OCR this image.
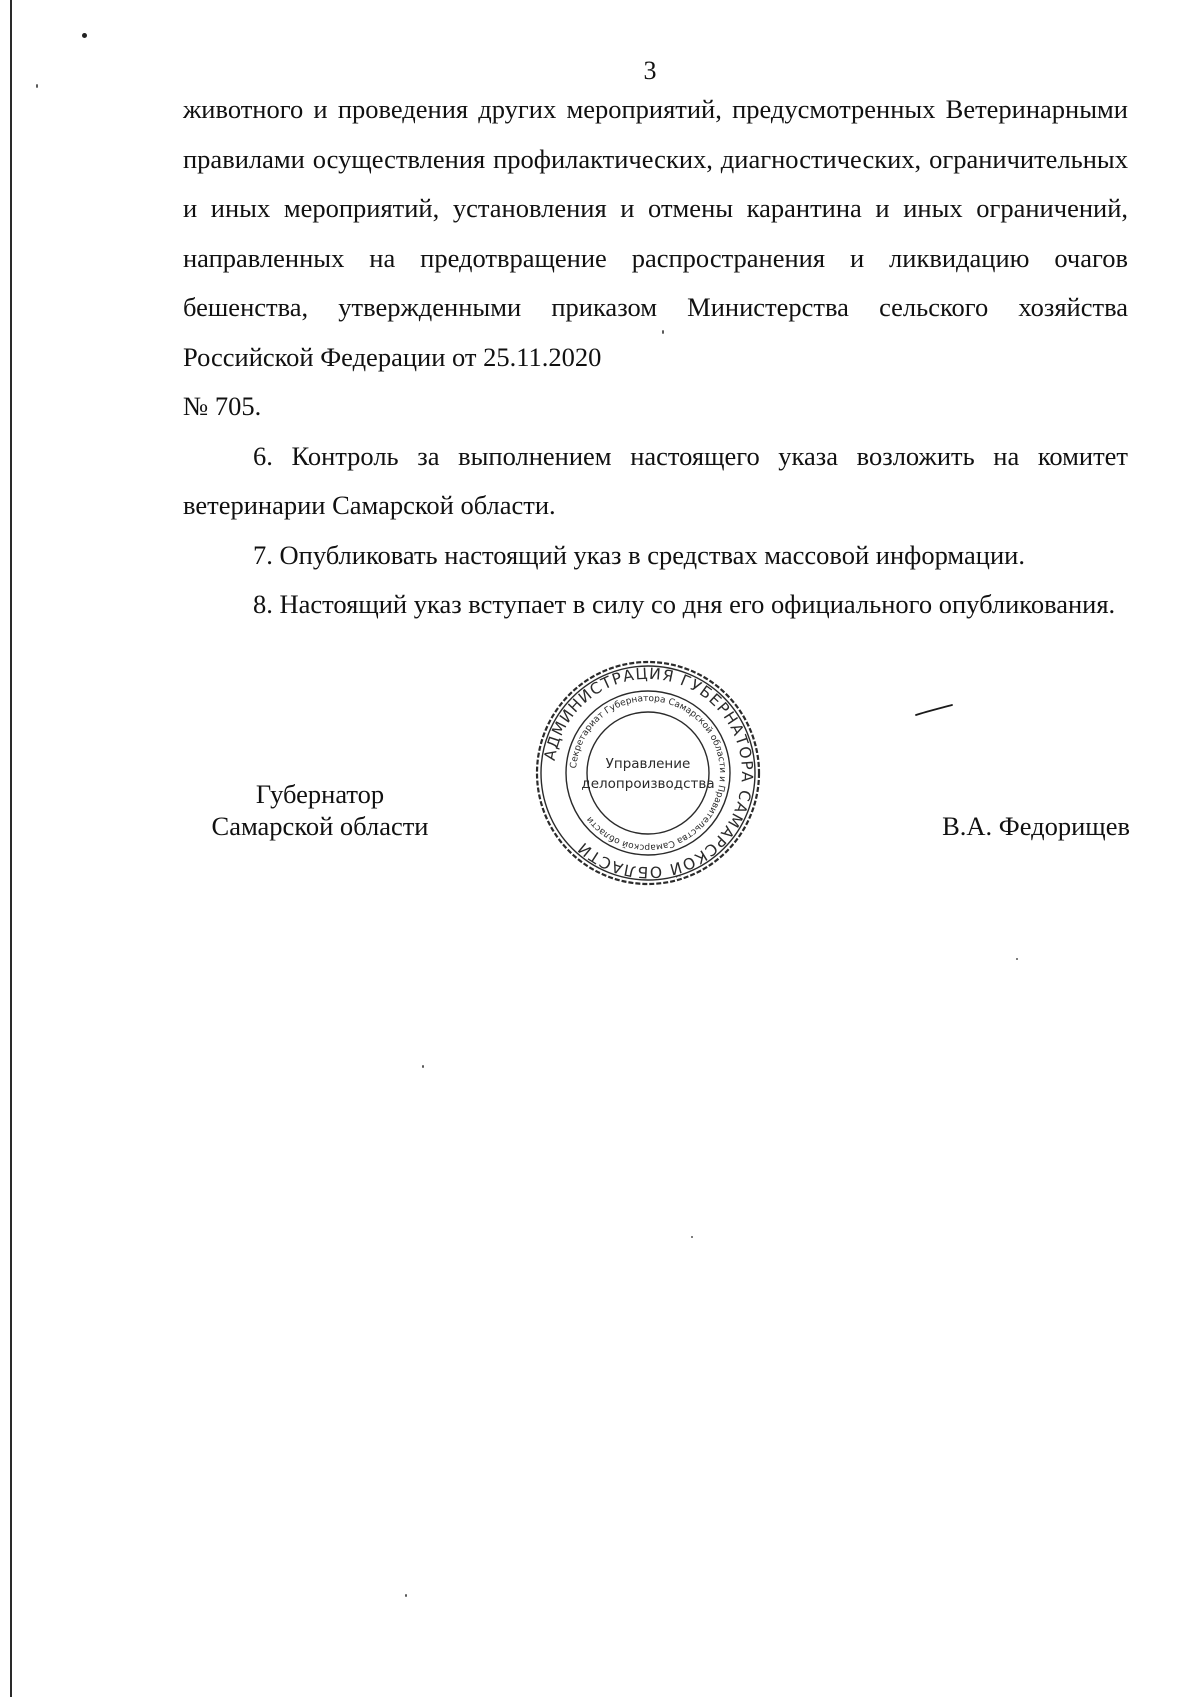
3

животного и проведения других мероприятий, предусмотренных Ветеринарными правилами осуществления профилактических, диагностических, ограничительных и иных мероприятий, установления и отмены карантина и иных ограничений, направленных на предотвращение распространения и ликвидацию очагов бешенства, утвержденными приказом Министерства сельского хозяйства Российской Федерации от 25.11.2020

№ 705.

6. Контроль за выполнением настоящего указа возложить на комитет ветеринарии Самарской области.

7. Опубликовать настоящий указ в средствах массовой информации.

8. Настоящий указ вступает в силу со дня его официального опубликования.

АДМИНИСТРАЦИЯ ГУБЕРНАТОРА САМАРСКОЙ ОБЛАСТИ
Секретариат Губернатора Самарской области и Правительства Самарской области
Управление
делопроизводства
Губернатор
Самарской области	В.А. Федорищев
